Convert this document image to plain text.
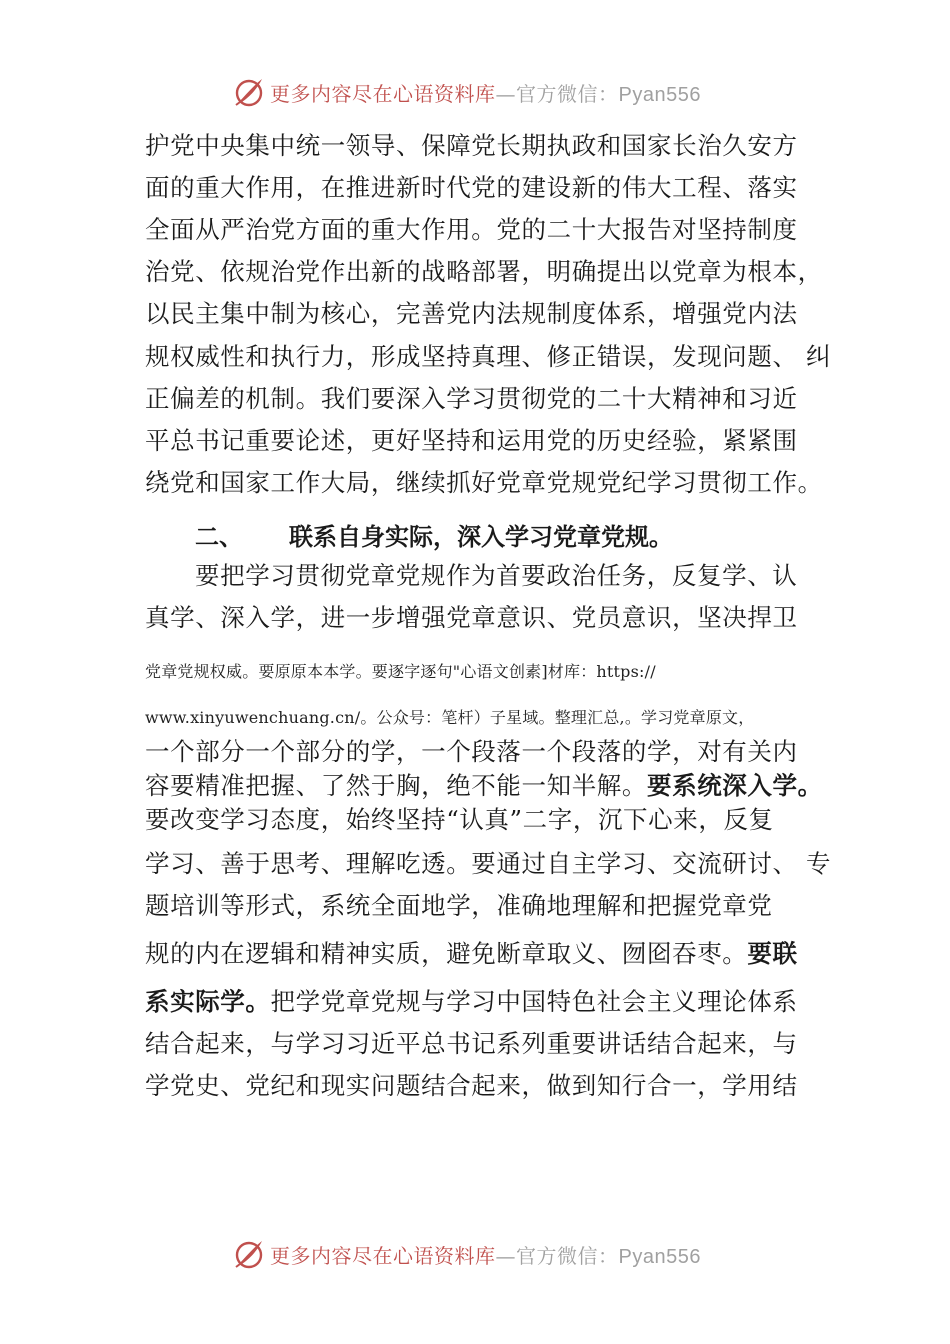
更多内容尽在心语资料库—官方微信：Pyan556
护党中央集中统一领导、保障党长期执政和国家长治久安方
面的重大作用，在推进新时代党的建设新的伟大工程、落实
全面从严治党方面的重大作用。党的二十大报告对坚持制度
治党、依规治党作出新的战略部署，明确提出以党章为根本，
以民主集中制为核心，完善党内法规制度体系，增强党内法
规权威性和执行力，形成坚持真理、修正错误，发现问题、 纠
正偏差的机制。我们要深入学习贯彻党的二十大精神和习近
平总书记重要论述，更好坚持和运用党的历史经验，紧紧围
绕党和国家工作大局，继续抓好党章党规党纪学习贯彻工作。
二、 联系自身实际，深入学习党章党规。
要把学习贯彻党章党规作为首要政治任务，反复学、认
真学、深入学，进一步增强党章意识、党员意识，坚决捍卫
党章党规权威。要原原本本学。要逐字逐句"心语文创素]材库：https://
www.xinyuwenchuang.cn/。公众号：笔杆）子星域。整理汇总,。学习党章原文，
一个部分一个部分的学，一个段落一个段落的学，对有关内
容要精准把握、了然于胸，绝不能一知半解。要系统深入学。
要改变学习态度，始终坚持“认真”二字，沉下心来，反复
学习、善于思考、理解吃透。要通过自主学习、交流研讨、 专
题培训等形式，系统全面地学，准确地理解和把握党章党
规的内在逻辑和精神实质，避免断章取义、囫囵吞枣。要联
系实际学。把学党章党规与学习中国特色社会主义理论体系
结合起来，与学习习近平总书记系列重要讲话结合起来，与
学党史、党纪和现实问题结合起来，做到知行合一，学用结
更多内容尽在心语资料库—官方微信：Pyan556
